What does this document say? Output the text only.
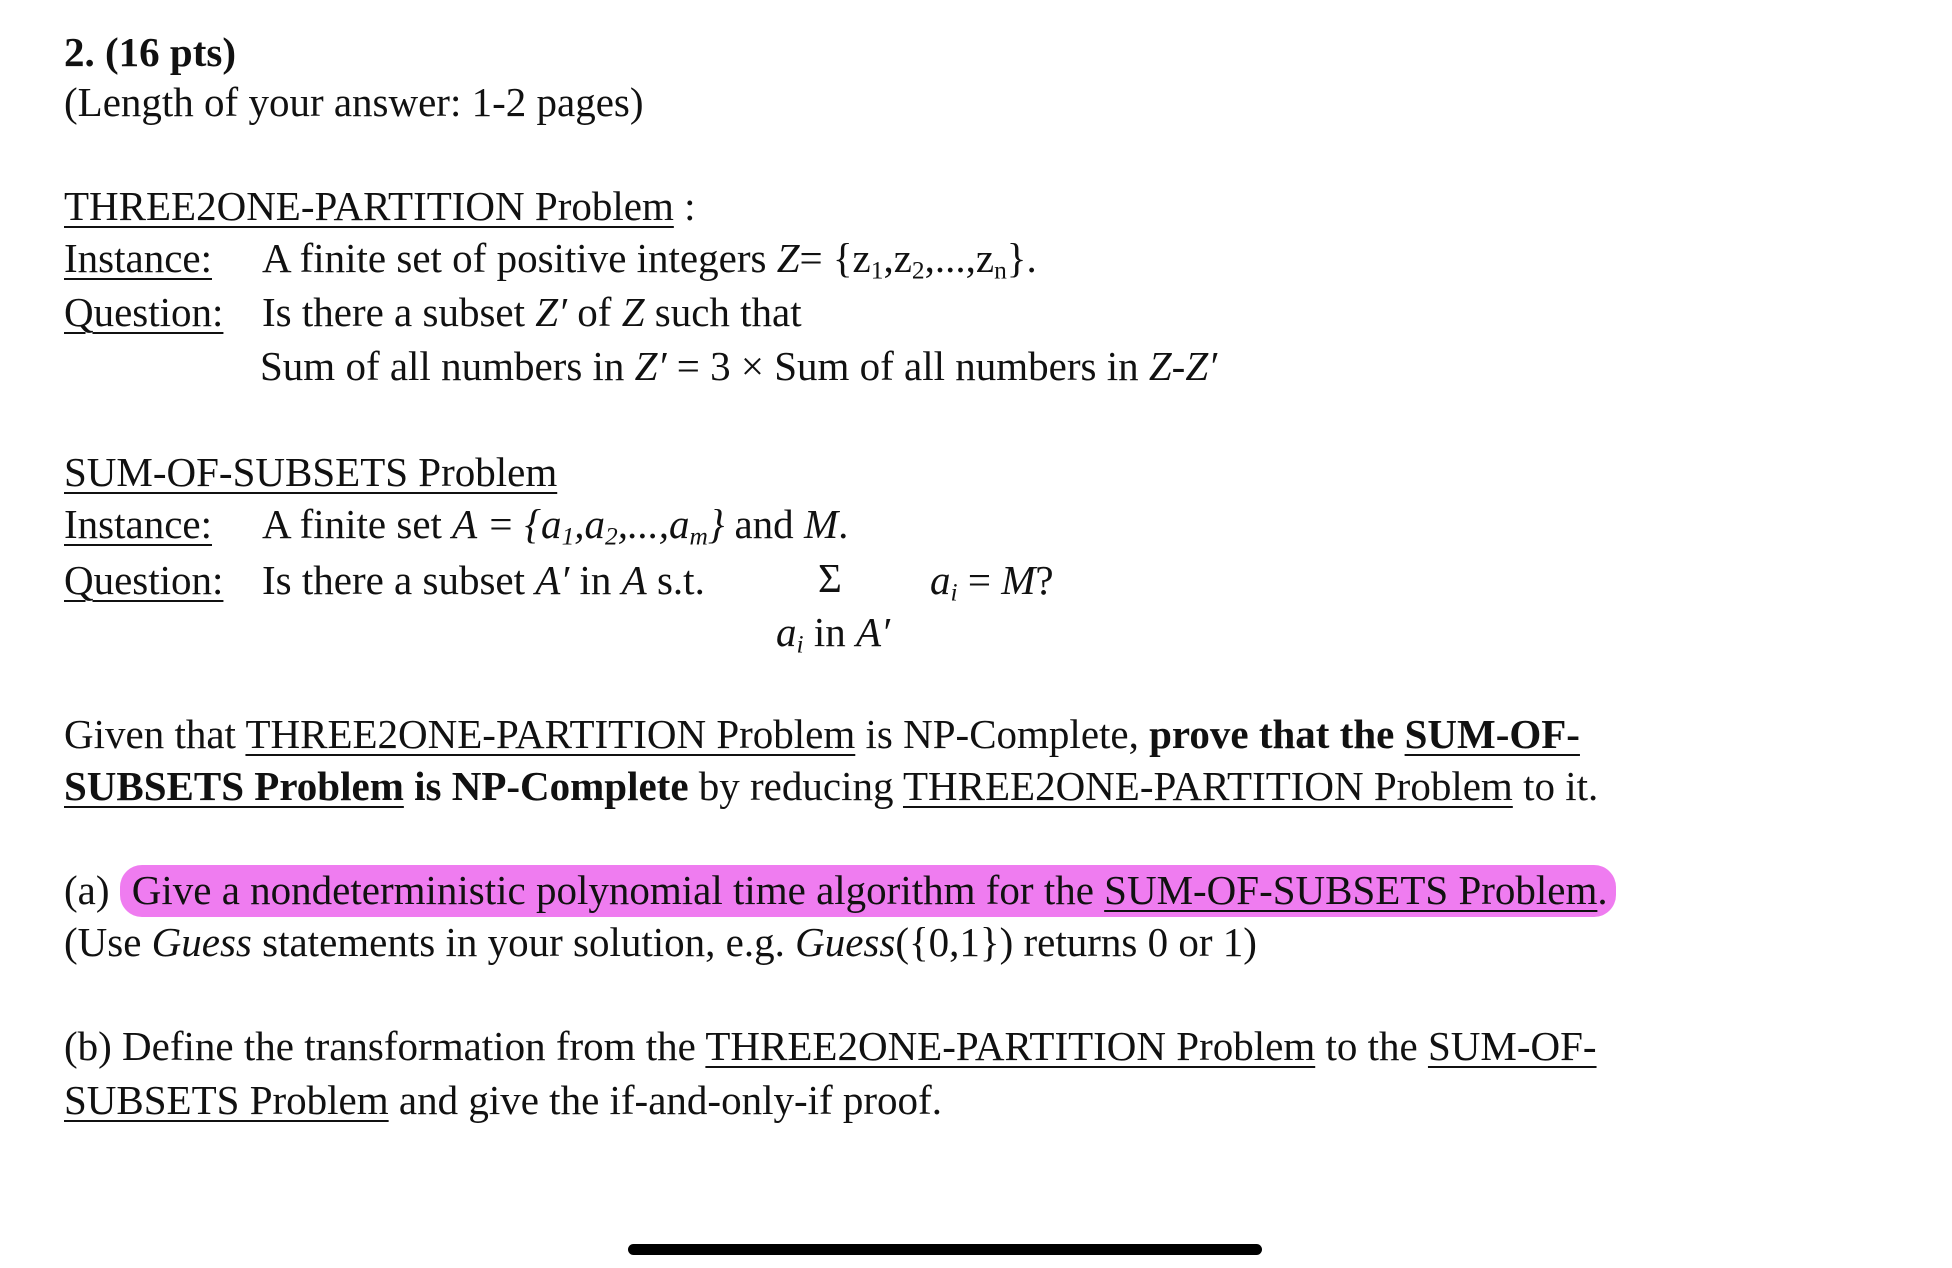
2. (16 pts)
(Length of your answer: 1-2 pages)
THREE2ONE-PARTITION Problem :
Instance: A finite set of positive integers $Z= \{z_1,z_2,...,z_n\}$.
Question: Is there a subset Z′ of Z such that
Sum of all numbers in Z′ = 3 × Sum of all numbers in Z-Z′
SUM-OF-SUBSETS Problem
Instance: A finite set $A = \{a_1,a_2,...,a_m\}$ and M.
Question: Is there a subset A′ in A s.t.	Σ $a_i = M$?
$a_i$ in A′
Given that THREE2ONE-PARTITION Problem is NP-Complete, prove that the SUM-OF-
SUBSETS Problem is NP-Complete by reducing THREE2ONE-PARTITION Problem to it.
(a) Give a nondeterministic polynomial time algorithm for the SUM-OF-SUBSETS Problem.
(Use Guess statements in your solution, e.g. Guess({0,1}) returns 0 or 1)
(b) Define the transformation from the THREE2ONE-PARTITION Problem to the SUM-OF-
SUBSETS Problem and give the if-and-only-if proof.
